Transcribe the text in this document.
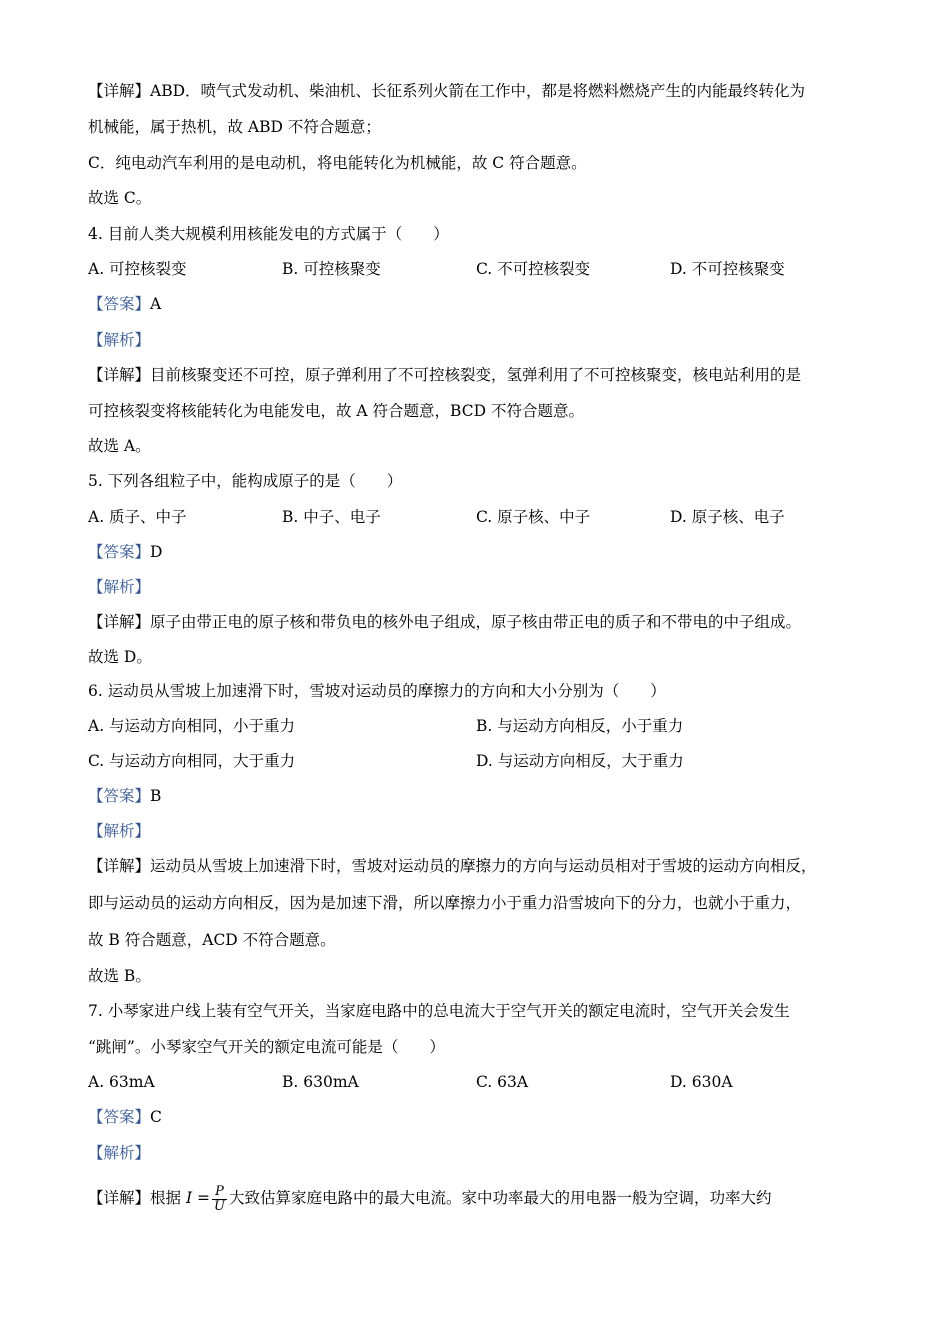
【详解】ABD．喷气式发动机、柴油机、长征系列火箭在工作中，都是将燃料燃烧产生的内能最终转化为
机械能，属于热机，故 ABD 不符合题意；
C．纯电动汽车利用的是电动机，将电能转化为机械能，故 C 符合题意。
故选 C。
4. 目前人类大规模利用核能发电的方式属于（　　）
A. 可控核裂变	B. 可控核聚变	C. 不可控核裂变	D. 不可控核聚变
【答案】A
【解析】
【详解】目前核聚变还不可控，原子弹利用了不可控核裂变，氢弹利用了不可控核聚变，核电站利用的是
可控核裂变将核能转化为电能发电，故 A 符合题意，BCD 不符合题意。
故选 A。
5. 下列各组粒子中，能构成原子的是（　　）
A. 质子、中子	B. 中子、电子	C. 原子核、中子	D. 原子核、电子
【答案】D
【解析】
【详解】原子由带正电的原子核和带负电的核外电子组成，原子核由带正电的质子和不带电的中子组成。
故选 D。
6. 运动员从雪坡上加速滑下时，雪坡对运动员的摩擦力的方向和大小分别为（　　）
A. 与运动方向相同，小于重力	B. 与运动方向相反，小于重力
C. 与运动方向相同，大于重力	D. 与运动方向相反，大于重力
【答案】B
【解析】
【详解】运动员从雪坡上加速滑下时，雪坡对运动员的摩擦力的方向与运动员相对于雪坡的运动方向相反，
即与运动员的运动方向相反，因为是加速下滑，所以摩擦力小于重力沿雪坡向下的分力，也就小于重力，
故 B 符合题意，ACD 不符合题意。
故选 B。
7. 小琴家进户线上装有空气开关，当家庭电路中的总电流大于空气开关的额定电流时，空气开关会发生
“跳闸”。小琴家空气开关的额定电流可能是（　　）
A. 63mA	B. 630mA	C. 63A	D. 630A
【答案】C
【解析】
【详解】根据 $I = \frac{P}{U}$ 大致估算家庭电路中的最大电流。家中功率最大的用电器一般为空调，功率大约
